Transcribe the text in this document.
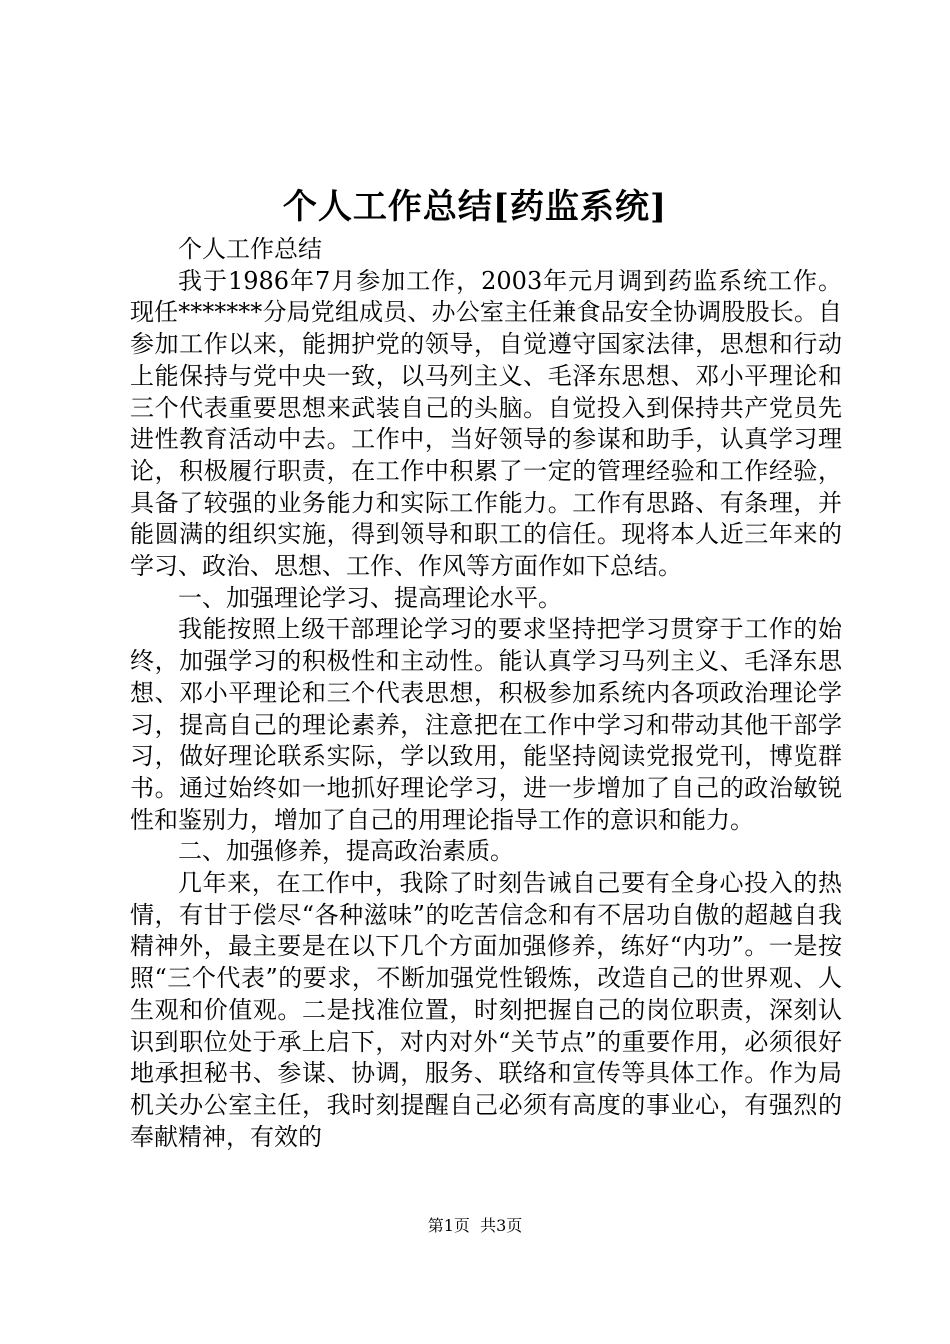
个人工作总结[药监系统]

个人工作总结

我于1986年7月参加工作，2003年元月调到药监系统工作。现任*******分局党组成员、办公室主任兼食品安全协调股股长。自参加工作以来，能拥护党的领导，自觉遵守国家法律，思想和行动上能保持与党中央一致，以马列主义、毛泽东思想、邓小平理论和三个代表重要思想来武装自己的头脑。自觉投入到保持共产党员先进性教育活动中去。工作中，当好领导的参谋和助手，认真学习理论，积极履行职责，在工作中积累了一定的管理经验和工作经验，具备了较强的业务能力和实际工作能力。工作有思路、有条理，并能圆满的组织实施，得到领导和职工的信任。现将本人近三年来的学习、政治、思想、工作、作风等方面作如下总结。

一、加强理论学习、提高理论水平。

我能按照上级干部理论学习的要求坚持把学习贯穿于工作的始终，加强学习的积极性和主动性。能认真学习马列主义、毛泽东思想、邓小平理论和三个代表思想，积极参加系统内各项政治理论学习，提高自己的理论素养，注意把在工作中学习和带动其他干部学习，做好理论联系实际，学以致用，能坚持阅读党报党刊，博览群书。通过始终如一地抓好理论学习，进一步增加了自己的政治敏锐性和鉴别力，增加了自己的用理论指导工作的意识和能力。

二、加强修养，提高政治素质。

几年来，在工作中，我除了时刻告诫自己要有全身心投入的热情，有甘于偿尽“各种滋味”的吃苦信念和有不居功自傲的超越自我精神外，最主要是在以下几个方面加强修养，练好“内功”。一是按照“三个代表”的要求，不断加强党性锻炼，改造自己的世界观、人生观和价值观。二是找准位置，时刻把握自己的岗位职责，深刻认识到职位处于承上启下，对内对外“关节点”的重要作用，必须很好地承担秘书、参谋、协调，服务、联络和宣传等具体工作。作为局机关办公室主任，我时刻提醒自己必须有高度的事业心，有强烈的奉献精神，有效的

第1页 共3页
